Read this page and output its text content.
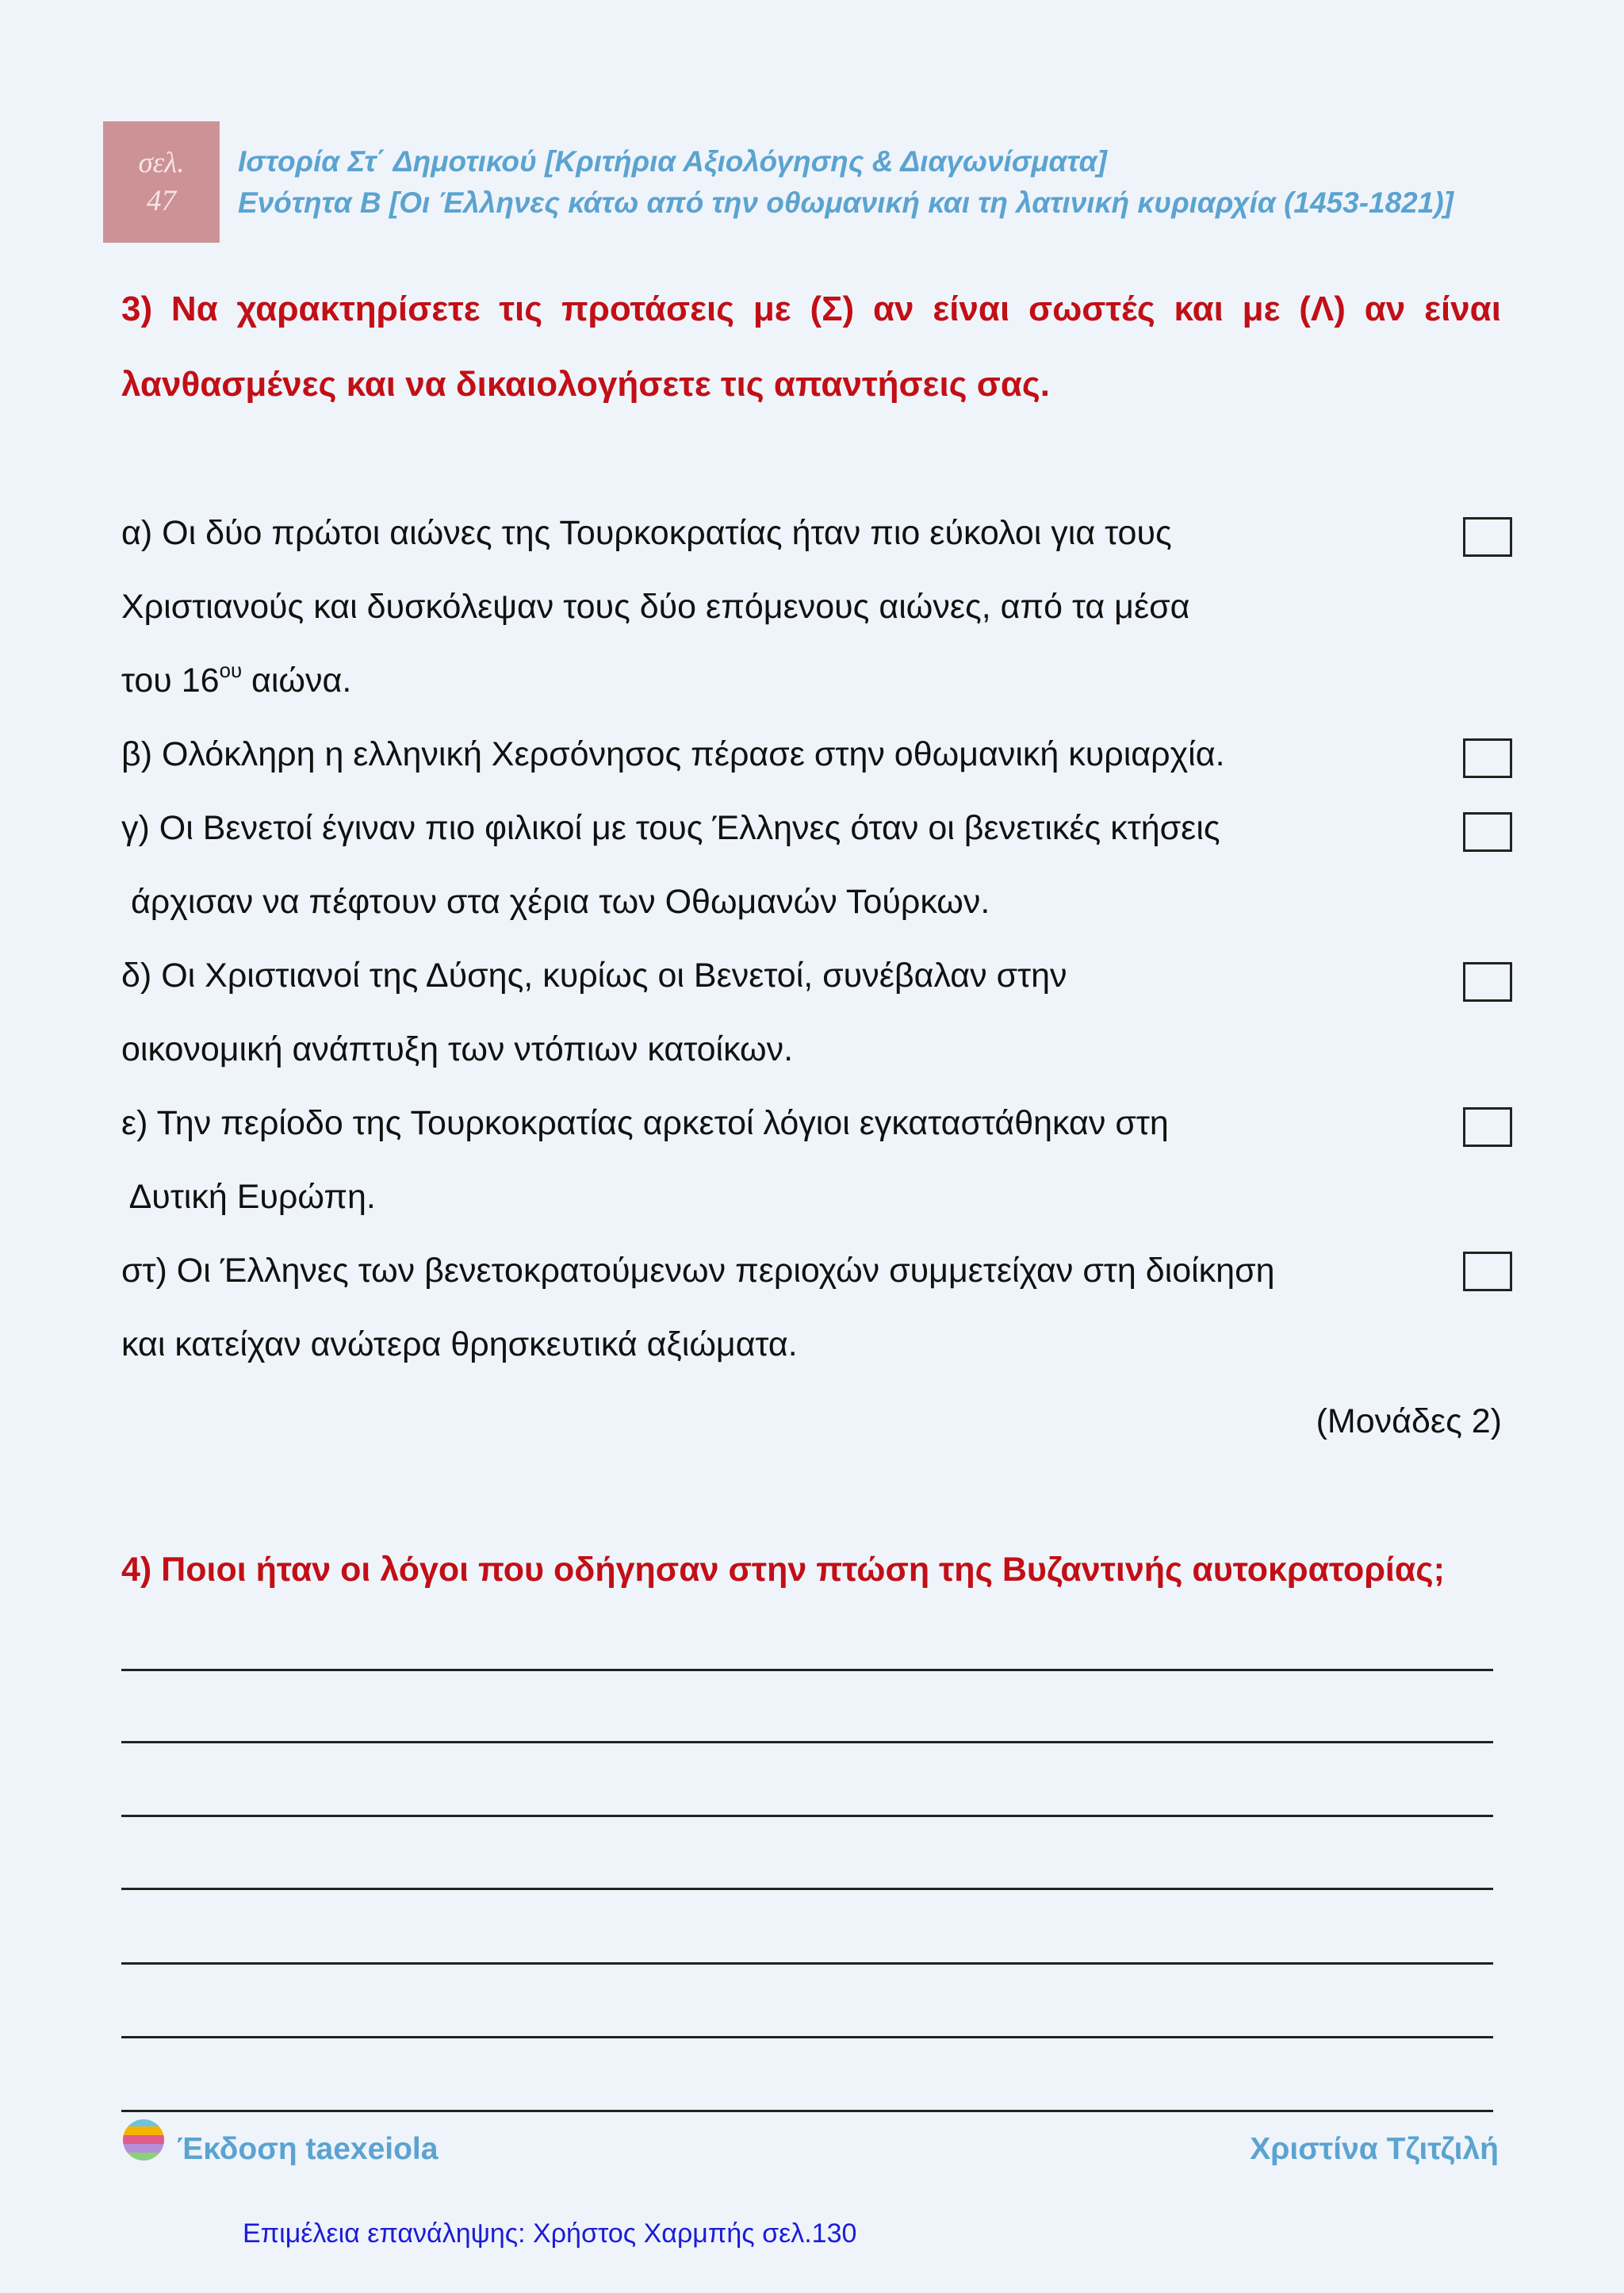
σελ.
47
Ιστορία Στ΄ Δημοτικού [Κριτήρια Αξιολόγησης & Διαγωνίσματα]
Ενότητα Β [Οι Έλληνες κάτω από την οθωμανική και τη λατινική κυριαρχία (1453-1821)]
3) Να χαρακτηρίσετε τις προτάσεις με (Σ) αν είναι σωστές και με (Λ) αν είναι
λανθασμένες και να δικαιολογήσετε τις απαντήσεις σας.
α) Οι δύο πρώτοι αιώνες της Τουρκοκρατίας ήταν πιο εύκολοι για τους
Χριστιανούς και δυσκόλεψαν τους δύο επόμενους αιώνες, από τα μέσα
του $16^{o\upsilon}$ αιώνα.
β) Ολόκληρη η ελληνική Χερσόνησος πέρασε στην οθωμανική κυριαρχία.
γ) Οι Βενετοί έγιναν πιο φιλικοί με τους Έλληνες όταν οι βενετικές κτήσεις
άρχισαν να πέφτουν στα χέρια των Οθωμανών Τούρκων.
δ) Οι Χριστιανοί της Δύσης, κυρίως οι Βενετοί, συνέβαλαν στην
οικονομική ανάπτυξη των ντόπιων κατοίκων.
ε) Την περίοδο της Τουρκοκρατίας αρκετοί λόγιοι εγκαταστάθηκαν στη
Δυτική Ευρώπη.
στ) Οι Έλληνες των βενετοκρατούμενων περιοχών συμμετείχαν στη διοίκηση
και κατείχαν ανώτερα θρησκευτικά αξιώματα.
(Μονάδες 2)
4) Ποιοι ήταν οι λόγοι που οδήγησαν στην πτώση της Βυζαντινής αυτοκρατορίας;
Έκδοση taexeiola	Χριστίνα Τζιτζιλή
Επιμέλεια επανάληψης: Χρήστος Χαρμπής σελ.130
